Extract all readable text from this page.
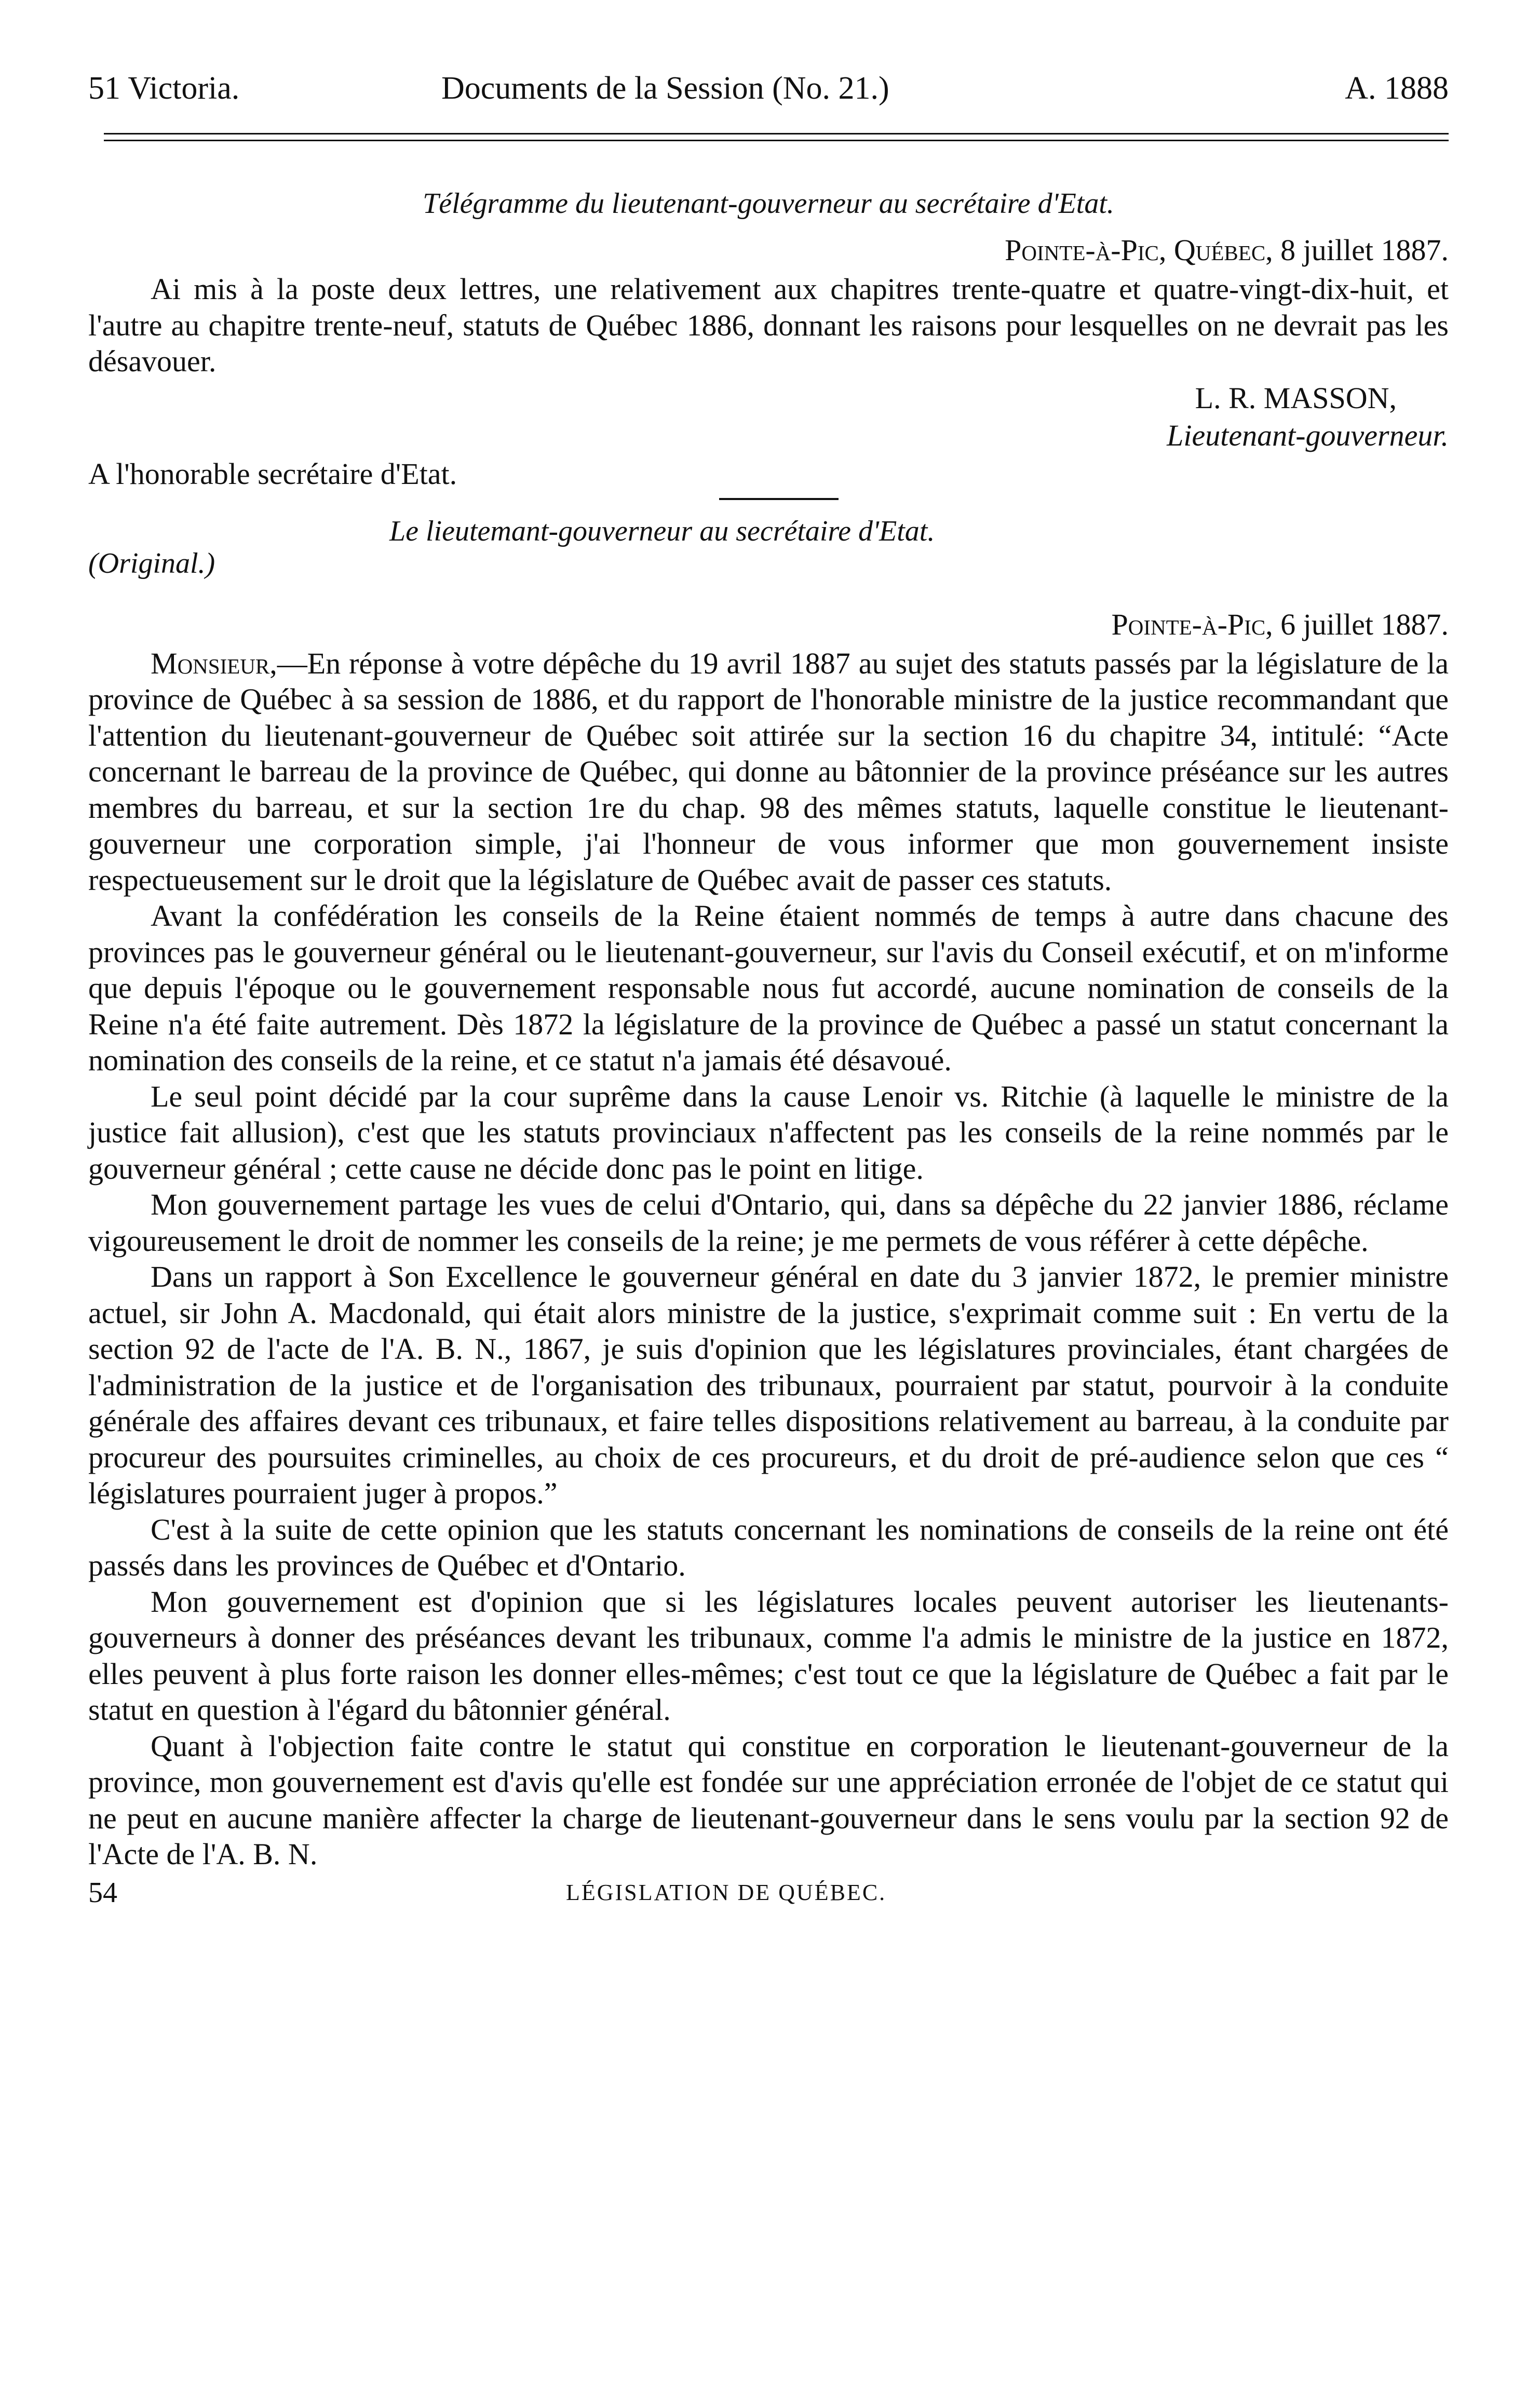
51 Victoria.	Documents de la Session (No. 21.)	A. 1888
Télégramme du lieutenant-gouverneur au secrétaire d'Etat.
Pointe-à-Pic, Québec, 8 juillet 1887.

Ai mis à la poste deux lettres, une relativement aux chapitres trente-quatre et quatre-vingt-dix-huit, et l'autre au chapitre trente-neuf, statuts de Québec 1886, donnant les raisons pour lesquelles on ne devrait pas les désavouer.

L. R. MASSON,
Lieutenant-gouverneur.
A l'honorable secrétaire d'Etat.
(Original.)
Le lieutemant-gouverneur au secrétaire d'Etat.
Pointe-à-Pic, 6 juillet 1887.

Monsieur,—En réponse à votre dépêche du 19 avril 1887 au sujet des statuts passés par la législature de la province de Québec à sa session de 1886, et du rapport de l'honorable ministre de la justice recommandant que l'attention du lieutenant-gouverneur de Québec soit attirée sur la section 16 du chapitre 34, intitulé: “Acte concernant le barreau de la province de Québec, qui donne au bâtonnier de la province préséance sur les autres membres du barreau, et sur la section 1re du chap. 98 des mêmes statuts, laquelle constitue le lieutenant-gouverneur une corporation simple, j'ai l'honneur de vous informer que mon gouvernement insiste respectueusement sur le droit que la législature de Québec avait de passer ces statuts.

Avant la confédération les conseils de la Reine étaient nommés de temps à autre dans chacune des provinces pas le gouverneur général ou le lieutenant-gouverneur, sur l'avis du Conseil exécutif, et on m'informe que depuis l'époque ou le gouvernement responsable nous fut accordé, aucune nomination de conseils de la Reine n'a été faite autrement. Dès 1872 la législature de la province de Québec a passé un statut concernant la nomination des conseils de la reine, et ce statut n'a jamais été désavoué.

Le seul point décidé par la cour suprême dans la cause Lenoir vs. Ritchie (à laquelle le ministre de la justice fait allusion), c'est que les statuts provinciaux n'affectent pas les conseils de la reine nommés par le gouverneur général ; cette cause ne décide donc pas le point en litige.

Mon gouvernement partage les vues de celui d'Ontario, qui, dans sa dépêche du 22 janvier 1886, réclame vigoureusement le droit de nommer les conseils de la reine; je me permets de vous référer à cette dépêche.

Dans un rapport à Son Excellence le gouverneur général en date du 3 janvier 1872, le premier ministre actuel, sir John A. Macdonald, qui était alors ministre de la justice, s'exprimait comme suit : En vertu de la section 92 de l'acte de l'A. B. N., 1867, je suis d'opinion que les législatures provinciales, étant chargées de l'administration de la justice et de l'organisation des tribunaux, pourraient par statut, pourvoir à la conduite générale des affaires devant ces tribunaux, et faire telles dispositions relativement au barreau, à la conduite par procureur des poursuites criminelles, au choix de ces procureurs, et du droit de pré-audience selon que ces “ législatures pourraient juger à propos.”

C'est à la suite de cette opinion que les statuts concernant les nominations de conseils de la reine ont été passés dans les provinces de Québec et d'Ontario.

Mon gouvernement est d'opinion que si les législatures locales peuvent autoriser les lieutenants-gouverneurs à donner des préséances devant les tribunaux, comme l'a admis le ministre de la justice en 1872, elles peuvent à plus forte raison les donner elles-mêmes; c'est tout ce que la législature de Québec a fait par le statut en question à l'égard du bâtonnier général.

Quant à l'objection faite contre le statut qui constitue en corporation le lieutenant-gouverneur de la province, mon gouvernement est d'avis qu'elle est fondée sur une appréciation erronée de l'objet de ce statut qui ne peut en aucune manière affecter la charge de lieutenant-gouverneur dans le sens voulu par la section 92 de l'Acte de l'A. B. N.

54	LÉGISLATION DE QUÉBEC.
